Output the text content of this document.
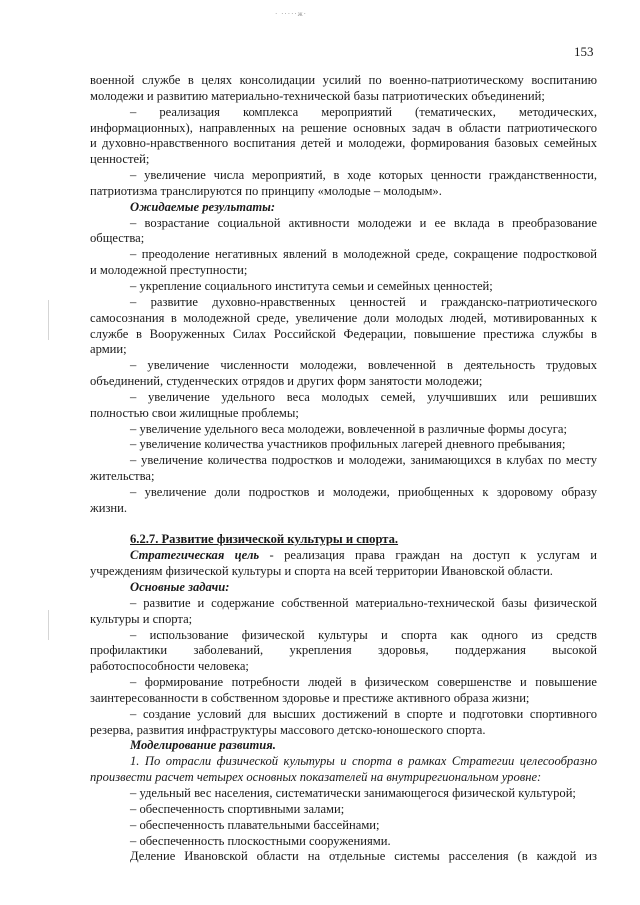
· ·····ж·
153
военной службе в целях консолидации усилий по военно-патриотическому воспитанию
молодежи и развитию материально-технической базы патриотических объединений;
– реализация комплекса мероприятий (тематических, методических,
информационных), направленных на решение основных задач в области патриотического
и духовно-нравственного воспитания детей и молодежи, формирования базовых семейных
ценностей;
– увеличение числа мероприятий, в ходе которых ценности гражданственности,
патриотизма транслируются по принципу «молодые – молодым».
Ожидаемые результаты:
– возрастание социальной активности молодежи и ее вклада в преобразование
общества;
– преодоление негативных явлений в молодежной среде, сокращение подростковой
и молодежной преступности;
– укрепление социального института семьи и семейных ценностей;
– развитие духовно-нравственных ценностей и гражданско-патриотического
самосознания в молодежной среде, увеличение доли молодых людей, мотивированных к
службе в Вооруженных Силах Российской Федерации, повышение престижа службы в
армии;
– увеличение численности молодежи, вовлеченной в деятельность трудовых
объединений, студенческих отрядов и других форм занятости молодежи;
– увеличение удельного веса молодых семей, улучшивших или решивших
полностью свои жилищные проблемы;
– увеличение удельного веса молодежи, вовлеченной в различные формы досуга;
– увеличение количества участников профильных лагерей дневного пребывания;
– увеличение количества подростков и молодежи, занимающихся в клубах по месту
жительства;
– увеличение доли подростков и молодежи, приобщенных к здоровому образу
жизни.
6.2.7. Развитие физической культуры и спорта.
Стратегическая цель - реализация права граждан на доступ к услугам и
учреждениям физической культуры и спорта на всей территории Ивановской области.
Основные задачи:
– развитие и содержание собственной материально-технической базы физической
культуры и спорта;
– использование физической культуры и спорта как одного из средств
профилактики заболеваний, укрепления здоровья, поддержания высокой
работоспособности человека;
– формирование потребности людей в физическом совершенстве и повышение
заинтересованности в собственном здоровье и престиже активного образа жизни;
– создание условий для высших достижений в спорте и подготовки спортивного
резерва, развития инфраструктуры массового детско-юношеского спорта.
Моделирование развития.
1. По отрасли физической культуры и спорта в рамках Стратегии целесообразно
произвести расчет четырех основных показателей на внутрирегиональном уровне:
– удельный вес населения, систематически занимающегося физической культурой;
– обеспеченность спортивными залами;
– обеспеченность плавательными бассейнами;
– обеспеченность плоскостными сооружениями.
Деление Ивановской области на отдельные системы расселения (в каждой из
